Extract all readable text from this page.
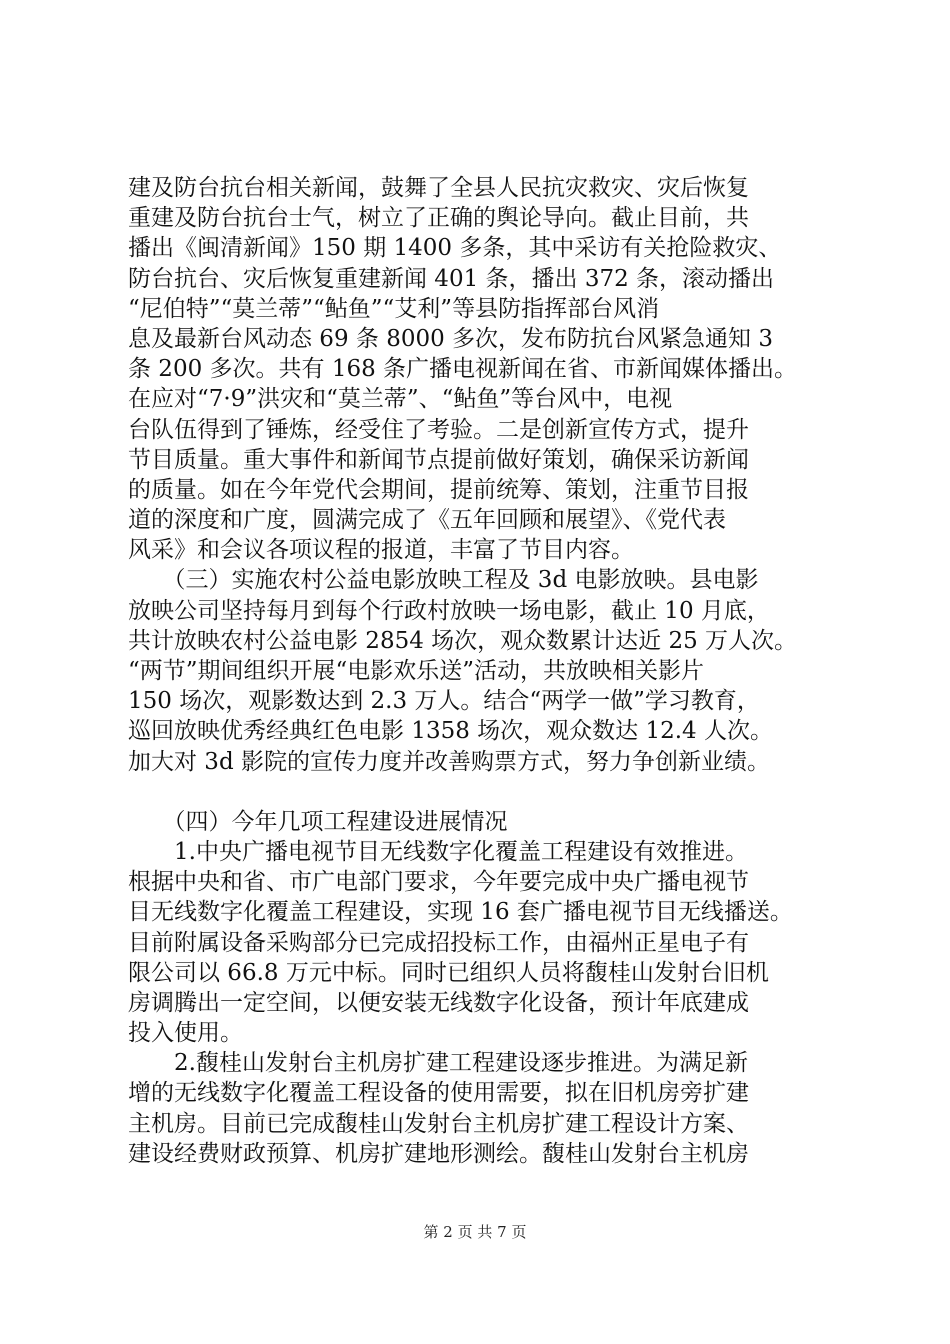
建及防台抗台相关新闻，鼓舞了全县人民抗灾救灾、灾后恢复
重建及防台抗台士气，树立了正确的舆论导向。截止目前，共
播出《闽清新闻》150 期 1400 多条，其中采访有关抢险救灾、
防台抗台、灾后恢复重建新闻 401 条，播出 372 条，滚动播出
“尼伯特”“莫兰蒂”“鲇鱼”“艾利”等县防指挥部台风消
息及最新台风动态 69 条 8000 多次，发布防抗台风紧急通知 3
条 200 多次。共有 168 条广播电视新闻在省、市新闻媒体播出。
在应对“7·9”洪灾和“莫兰蒂”、“鲇鱼”等台风中，电视
台队伍得到了锤炼，经受住了考验。二是创新宣传方式，提升
节目质量。重大事件和新闻节点提前做好策划，确保采访新闻
的质量。如在今年党代会期间，提前统筹、策划，注重节目报
道的深度和广度，圆满完成了《五年回顾和展望》、《党代表
风采》和会议各项议程的报道，丰富了节目内容。
　　（三）实施农村公益电影放映工程及 3d 电影放映。县电影
放映公司坚持每月到每个行政村放映一场电影，截止 10 月底，
共计放映农村公益电影 2854 场次，观众数累计达近 25 万人次。
“两节”期间组织开展“电影欢乐送”活动，共放映相关影片
150 场次，观影数达到 2.3 万人。结合“两学一做”学习教育，
巡回放映优秀经典红色电影 1358 场次，观众数达 12.4 人次。
加大对 3d 影院的宣传力度并改善购票方式，努力争创新业绩。
　　（四）今年几项工程建设进展情况
　　1.中央广播电视节目无线数字化覆盖工程建设有效推进。
根据中央和省、市广电部门要求，今年要完成中央广播电视节
目无线数字化覆盖工程建设，实现 16 套广播电视节目无线播送。
目前附属设备采购部分已完成招投标工作，由福州正星电子有
限公司以 66.8 万元中标。同时已组织人员将馥桂山发射台旧机
房调腾出一定空间，以便安装无线数字化设备，预计年底建成
投入使用。
　　2.馥桂山发射台主机房扩建工程建设逐步推进。为满足新
增的无线数字化覆盖工程设备的使用需要，拟在旧机房旁扩建
主机房。目前已完成馥桂山发射台主机房扩建工程设计方案、
建设经费财政预算、机房扩建地形测绘。馥桂山发射台主机房
第 2 页 共 7 页
